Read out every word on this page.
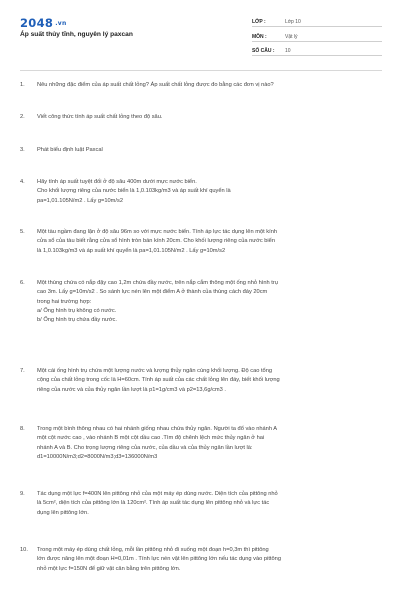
2048 .vn
Áp suất thủy tĩnh, nguyên lý paxcan
LỚP :	Lớp 10
MÔN :	Vật lý
SỐ CÂU : 10
1.	Nêu những đặc điểm của áp suất chất lỏng? Áp suất chất lỏng được đo bằng các đơn vị nào?
2.	Viết công thức tính áp suất chất lỏng theo độ sâu.
3.	Phát biểu định luật Paxcal
4.	Hãy tính áp suất tuyệt đối ở độ sâu 400m dưới mực nước biển.
Cho khối lượng riêng của nước biển là 1,0.103kg/m3 và áp suất khí quyển là
pa=1,01.105N/m2 . Lấy g=10m/s2
5.	Một tàu ngầm đang lặn ở độ sâu 96m so với mực nước biển. Tính áp lực tác dụng lên một kính
cửa sổ của tàu biết rằng cửa sổ hình tròn bán kính 20cm. Cho khối lượng riêng của nước biển
là 1,0.103kg/m3 và áp suất khí quyển là pa=1,01.105N/m2 . Lấy g=10m/s2
6.	Một thùng chứa có nắp đậy cao 1,2m chứa đầy nước, trên nắp cắm thông một ống nhỏ hình trụ
cao 3m. Lấy g=10m/s2 . So sánh lực nén lên một điểm A ở thành của thùng cách đáy 20cm
trong hai trường hợp:
a/ Ống hình trụ không có nước.
b/ Ống hình trụ chứa đầy nước.
7.	Một cái ống hình trụ chứa một lượng nước và lượng thủy ngân cùng khối lượng. Độ cao tổng
cộng của chất lỏng trong cốc là H=60cm. Tính áp suất của các chất lỏng lên đáy, biết khối lượng
riêng của nước và của thủy ngân lần lượt là p1=1g/cm3 và p2=13,6g/cm3 .
8.	Trong một bình thông nhau có hai nhánh giống nhau chứa thủy ngân. Người ta đổ vào nhánh A
một cột nước cao , vào nhánh B một cột dầu cao .Tìm độ chênh lệch mức thủy ngân ở hai
nhánh A và B. Cho trọng lượng riêng của nước, của dầu và của thủy ngân lần lượt là:
d1=10000N/m3;d2=8000N/m3;d3=136000N/m3
9.	Tác dụng một lực f=400N lên pittông nhỏ của một máy ép dùng nước. Diện tích của pittông nhỏ
là 5cm², diện tích của pittông lớn là 120cm². Tính áp suất tác dụng lên pittông nhỏ và lực tác
dụng lên pittông lớn.
10.	Trong một máy ép dùng chất lỏng, mỗi lần pittông nhỏ đi xuống một đoạn h=0,3m thì pittông
lớn được nâng lên một đoạn H=0,01m . Tính lực nén vật lên pittông lớn nếu tác dụng vào pittông
nhỏ một lực f=150N để giữ vật cân bằng trên pittông lớn.
